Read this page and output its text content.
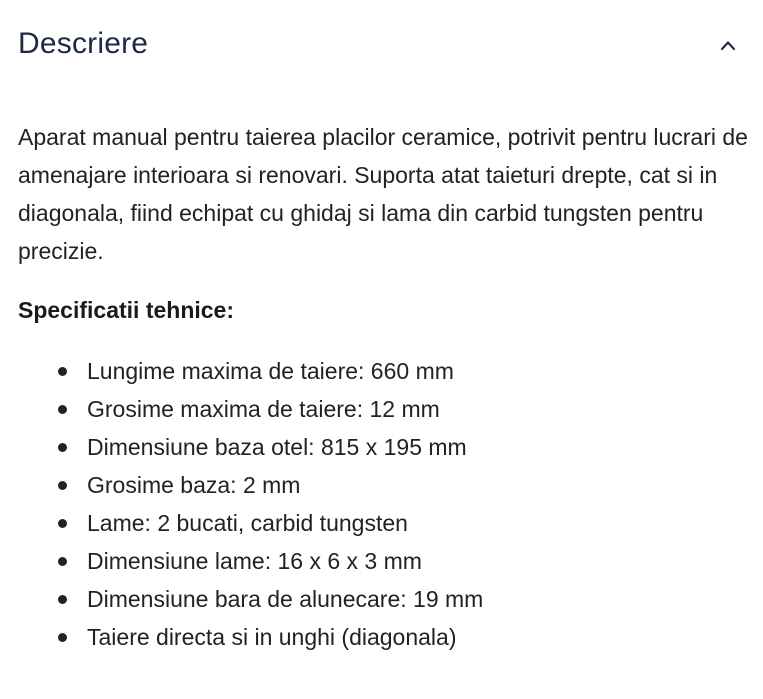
Descriere

Aparat manual pentru taierea placilor ceramice, potrivit pentru lucrari de amenajare interioara si renovari. Suporta atat taieturi drepte, cat si in diagonala, fiind echipat cu ghidaj si lama din carbid tungsten pentru precizie.

Specificatii tehnice:
Lungime maxima de taiere: 660 mm
Grosime maxima de taiere: 12 mm
Dimensiune baza otel: 815 x 195 mm
Grosime baza: 2 mm
Lame: 2 bucati, carbid tungsten
Dimensiune lame: 16 x 6 x 3 mm
Dimensiune bara de alunecare: 19 mm
Taiere directa si in unghi (diagonala)
